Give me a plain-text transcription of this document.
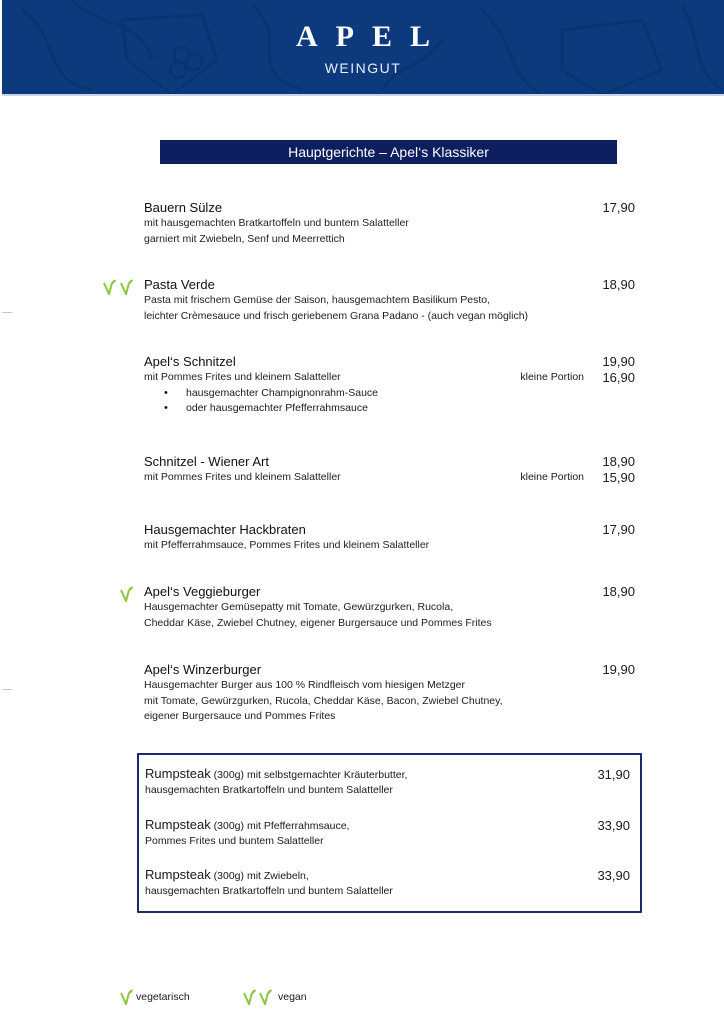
APEL
WEINGUT
Hauptgerichte – Apel‘s Klassiker
Bauern Sülze	17,90
mit hausgemachten Bratkartoffeln und buntem Salatteller
garniert mit Zwiebeln, Senf und Meerrettich
Pasta Verde	18,90
Pasta mit frischem Gemüse der Saison, hausgemachtem Basilikum Pesto,
leichter Crèmesauce und frisch geriebenem Grana Padano - (auch vegan möglich)
Apel‘s Schnitzel	19,90
mit Pommes Frites und kleinem Salatteller	kleine Portion 16,90
• hausgemachter Champignonrahm-Sauce
• oder hausgemachter Pfefferrahmsauce
Schnitzel - Wiener Art	18,90
mit Pommes Frites und kleinem Salatteller	kleine Portion 15,90
Hausgemachter Hackbraten	17,90
mit Pfefferrahmsauce, Pommes Frites und kleinem Salatteller
Apel‘s Veggieburger	18,90
Hausgemachter Gemüsepatty mit Tomate, Gewürzgurken, Rucola,
Cheddar Käse, Zwiebel Chutney, eigener Burgersauce und Pommes Frites
Apel‘s Winzerburger	19,90
Hausgemachter Burger aus 100 % Rindfleisch vom hiesigen Metzger
mit Tomate, Gewürzgurken, Rucola, Cheddar Käse, Bacon, Zwiebel Chutney,
eigener Burgersauce und Pommes Frites
Rumpsteak (300g) mit selbstgemachter Kräuterbutter,
hausgemachten Bratkartoffeln und buntem Salatteller
31,90
Rumpsteak (300g) mit Pfefferrahmsauce,
Pommes Frites und buntem Salatteller
33,90
Rumpsteak (300g) mit Zwiebeln,
hausgemachten Bratkartoffeln und buntem Salatteller
33,90
vegetarisch	vegan
